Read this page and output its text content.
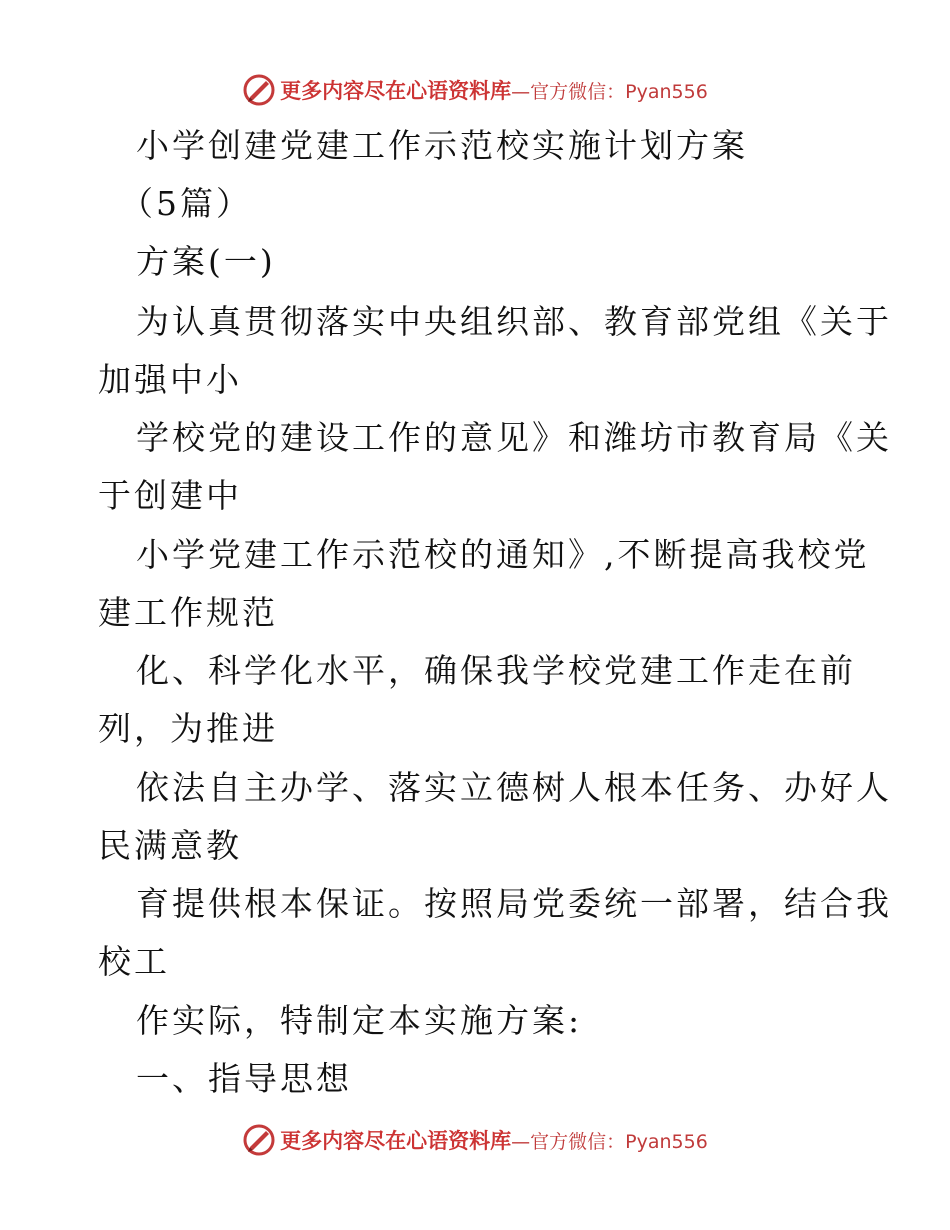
更多内容尽在心语资料库 —官方微信：Pyan556
小学创建党建工作示范校实施计划方案
（5篇）
方案(一)
为认真贯彻落实中央组织部、教育部党组《关于
加强中小
学校党的建设工作的意见》和潍坊市教育局《关
于创建中
小学党建工作示范校的通知》,不断提高我校党
建工作规范
化、科学化水平，确保我学校党建工作走在前
列，为推进
依法自主办学、落实立德树人根本任务、办好人
民满意教
育提供根本保证。按照局党委统一部署，结合我
校工
作实际，特制定本实施方案:
一、指导思想
更多内容尽在心语资料库 —官方微信：Pyan556
